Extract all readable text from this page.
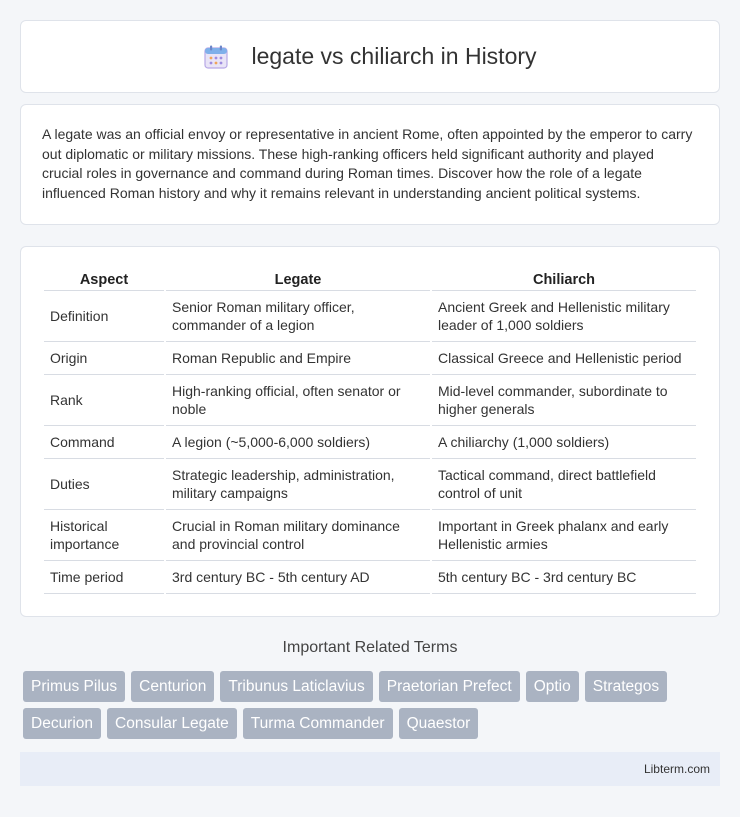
legate vs chiliarch in History

A legate was an official envoy or representative in ancient Rome, often appointed by the emperor to carry out diplomatic or military missions. These high-ranking officers held significant authority and played crucial roles in governance and command during Roman times. Discover how the role of a legate influenced Roman history and why it remains relevant in understanding ancient political systems.

Aspect	Legate	Chiliarch
Definition	Senior Roman military officer, commander of a legion	Ancient Greek and Hellenistic military leader of 1,000 soldiers
Origin	Roman Republic and Empire	Classical Greece and Hellenistic period
Rank	High-ranking official, often senator or noble	Mid-level commander, subordinate to higher generals
Command	A legion (~5,000-6,000 soldiers)	A chiliarchy (1,000 soldiers)
Duties	Strategic leadership, administration, military campaigns	Tactical command, direct battlefield control of unit
Historical importance	Crucial in Roman military dominance and provincial control	Important in Greek phalanx and early Hellenistic armies
Time period	3rd century BC - 5th century AD	5th century BC - 3rd century BC
Important Related Terms
Primus Pilus	Centurion	Tribunus Laticlavius	Praetorian Prefect	Optio	Strategos
Decurion	Consular Legate	Turma Commander	Quaestor
Libterm.com
